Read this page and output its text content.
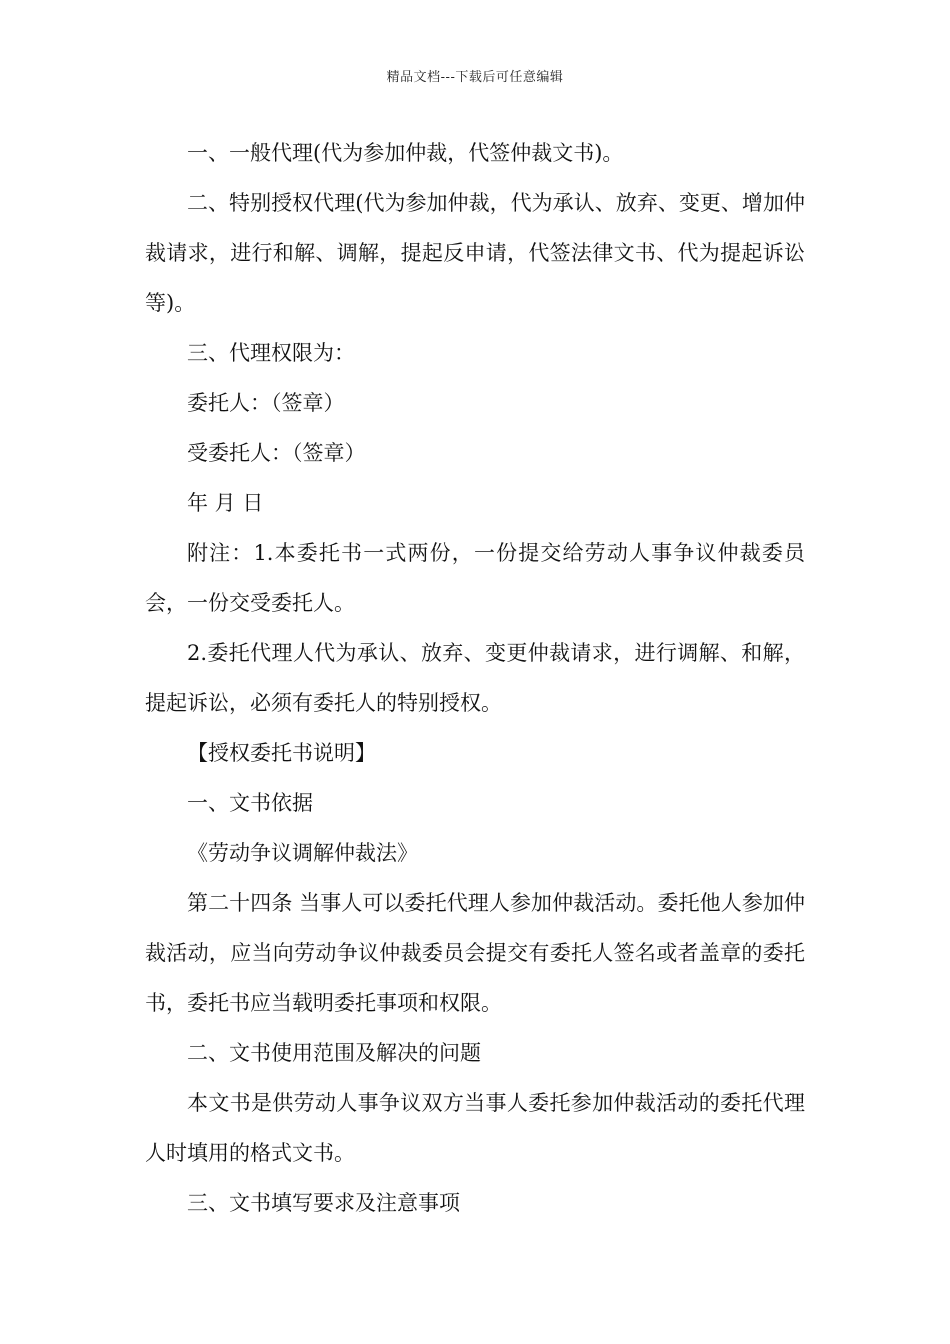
精品文档---下载后可任意编辑

一、一般代理(代为参加仲裁，代签仲裁文书)。

二、特别授权代理(代为参加仲裁，代为承认、放弃、变更、增加仲裁请求，进行和解、调解，提起反申请，代签法律文书、代为提起诉讼等)。

三、代理权限为：

委托人：（签章）

受委托人：（签章）

年 月 日

附注：1.本委托书一式两份，一份提交给劳动人事争议仲裁委员会，一份交受委托人。

2.委托代理人代为承认、放弃、变更仲裁请求，进行调解、和解，提起诉讼，必须有委托人的特别授权。

【授权委托书说明】

一、文书依据

《劳动争议调解仲裁法》

第二十四条 当事人可以委托代理人参加仲裁活动。委托他人参加仲裁活动，应当向劳动争议仲裁委员会提交有委托人签名或者盖章的委托书，委托书应当载明委托事项和权限。

二、文书使用范围及解决的问题

本文书是供劳动人事争议双方当事人委托参加仲裁活动的委托代理人时填用的格式文书。

三、文书填写要求及注意事项
